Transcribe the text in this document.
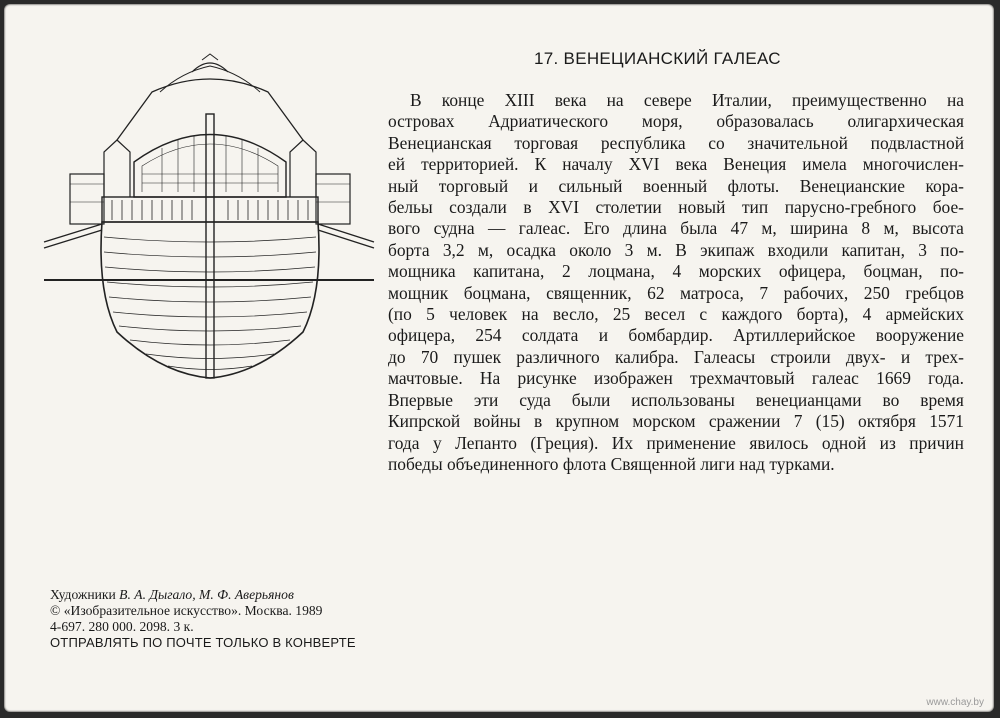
17. ВЕНЕЦИАНСКИЙ ГАЛЕАС
В конце XIII века на севере Италии, преимущественно на
островах Адриатического моря, образовалась олигархическая
Венецианская торговая республика со значительной подвластной
ей территорией. К началу XVI века Венеция имела многочислен-
ный торговый и сильный военный флоты. Венецианские кора-
бельы создали в XVI столетии новый тип парусно-гребного бое-
вого судна — галеас. Его длина была 47 м, ширина 8 м, высота
борта 3,2 м, осадка около 3 м. В экипаж входили капитан, 3 по-
мощника капитана, 2 лоцмана, 4 морских офицера, боцман, по-
мощник боцмана, священник, 62 матроса, 7 рабочих, 250 гребцов
(по 5 человек на весло, 25 весел с каждого борта), 4 армейских
офицера, 254 солдата и бомбардир. Артиллерийское вооружение
до 70 пушек различного калибра. Галеасы строили двух- и трех-
мачтовые. На рисунке изображен трехмачтовый галеас 1669 года.
Впервые эти суда были использованы венецианцами во время
Кипрской войны в крупном морском сражении 7 (15) октября 1571
года у Лепанто (Греция). Их применение явилось одной из причин
победы объединенного флота Священной лиги над турками.
Художники В. А. Дыгало, М. Ф. Аверьянов
© «Изобразительное искусство». Москва. 1989
4-697. 280 000. 2098. 3 к.
ОТПРАВЛЯТЬ ПО ПОЧТЕ ТОЛЬКО В КОНВЕРТЕ
www.chay.by
